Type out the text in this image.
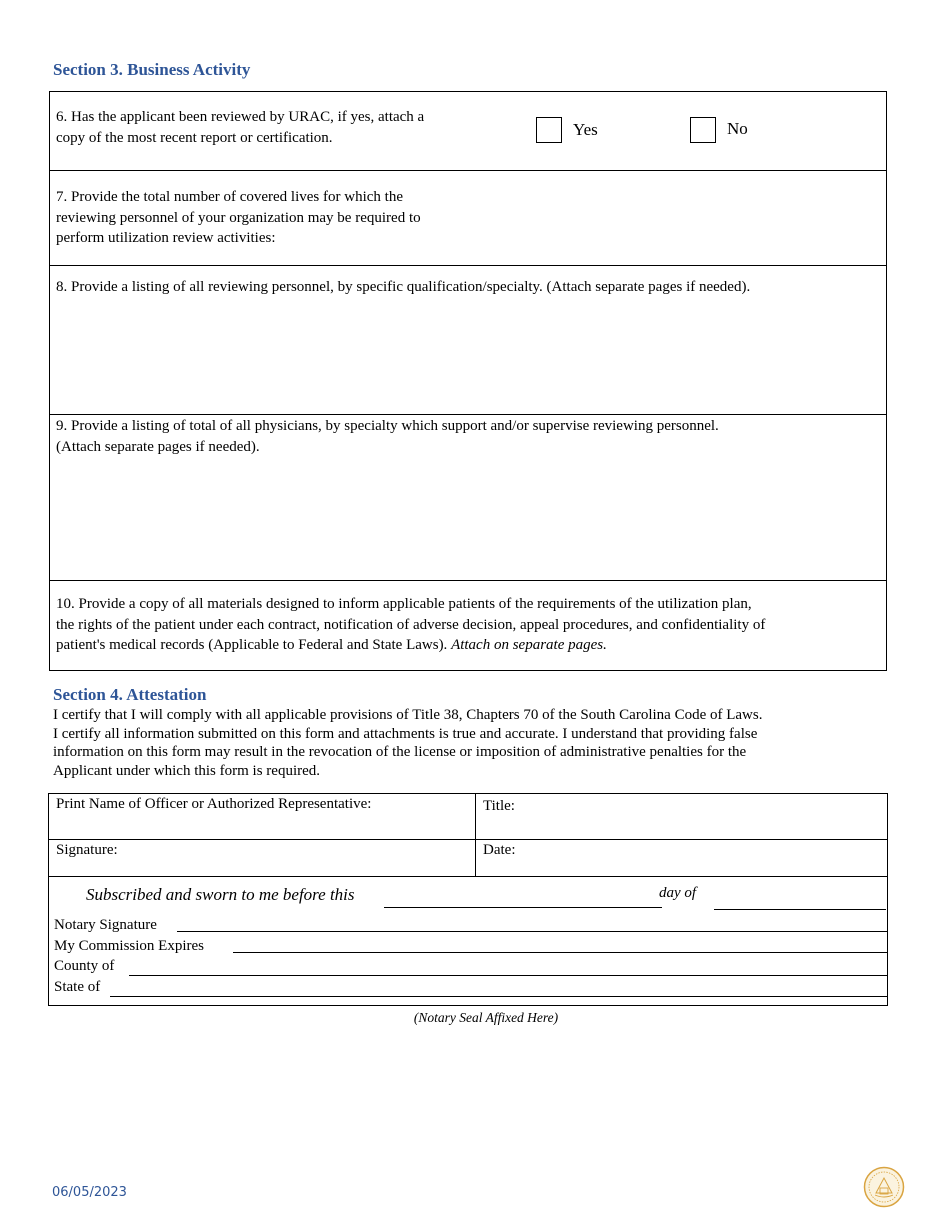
Section 3. Business Activity
6. Has the applicant been reviewed by URAC, if yes, attach a
copy of the most recent report or certification.	Yes	No
7. Provide the total number of covered lives for which the
reviewing personnel of your organization may be required to
perform utilization review activities:
8. Provide a listing of all reviewing personnel, by specific qualification/specialty. (Attach separate pages if needed).
9. Provide a listing of total of all physicians, by specialty which support and/or supervise reviewing personnel.
(Attach separate pages if needed).
10. Provide a copy of all materials designed to inform applicable patients of the requirements of the utilization plan,
the rights of the patient under each contract, notification of adverse decision, appeal procedures, and confidentiality of
patient's medical records (Applicable to Federal and State Laws). Attach on separate pages.
Section 4. Attestation
I certify that I will comply with all applicable provisions of Title 38, Chapters 70 of the South Carolina Code of Laws.
I certify all information submitted on this form and attachments is true and accurate. I understand that providing false
information on this form may result in the revocation of the license or imposition of administrative penalties for the
Applicant under which this form is required.
Print Name of Officer or Authorized Representative:	Title:
Signature:	Date:
Subscribed and sworn to me before this	day of
Notary Signature
My Commission Expires
County of
State of
(Notary Seal Affixed Here)
06/05/2023
